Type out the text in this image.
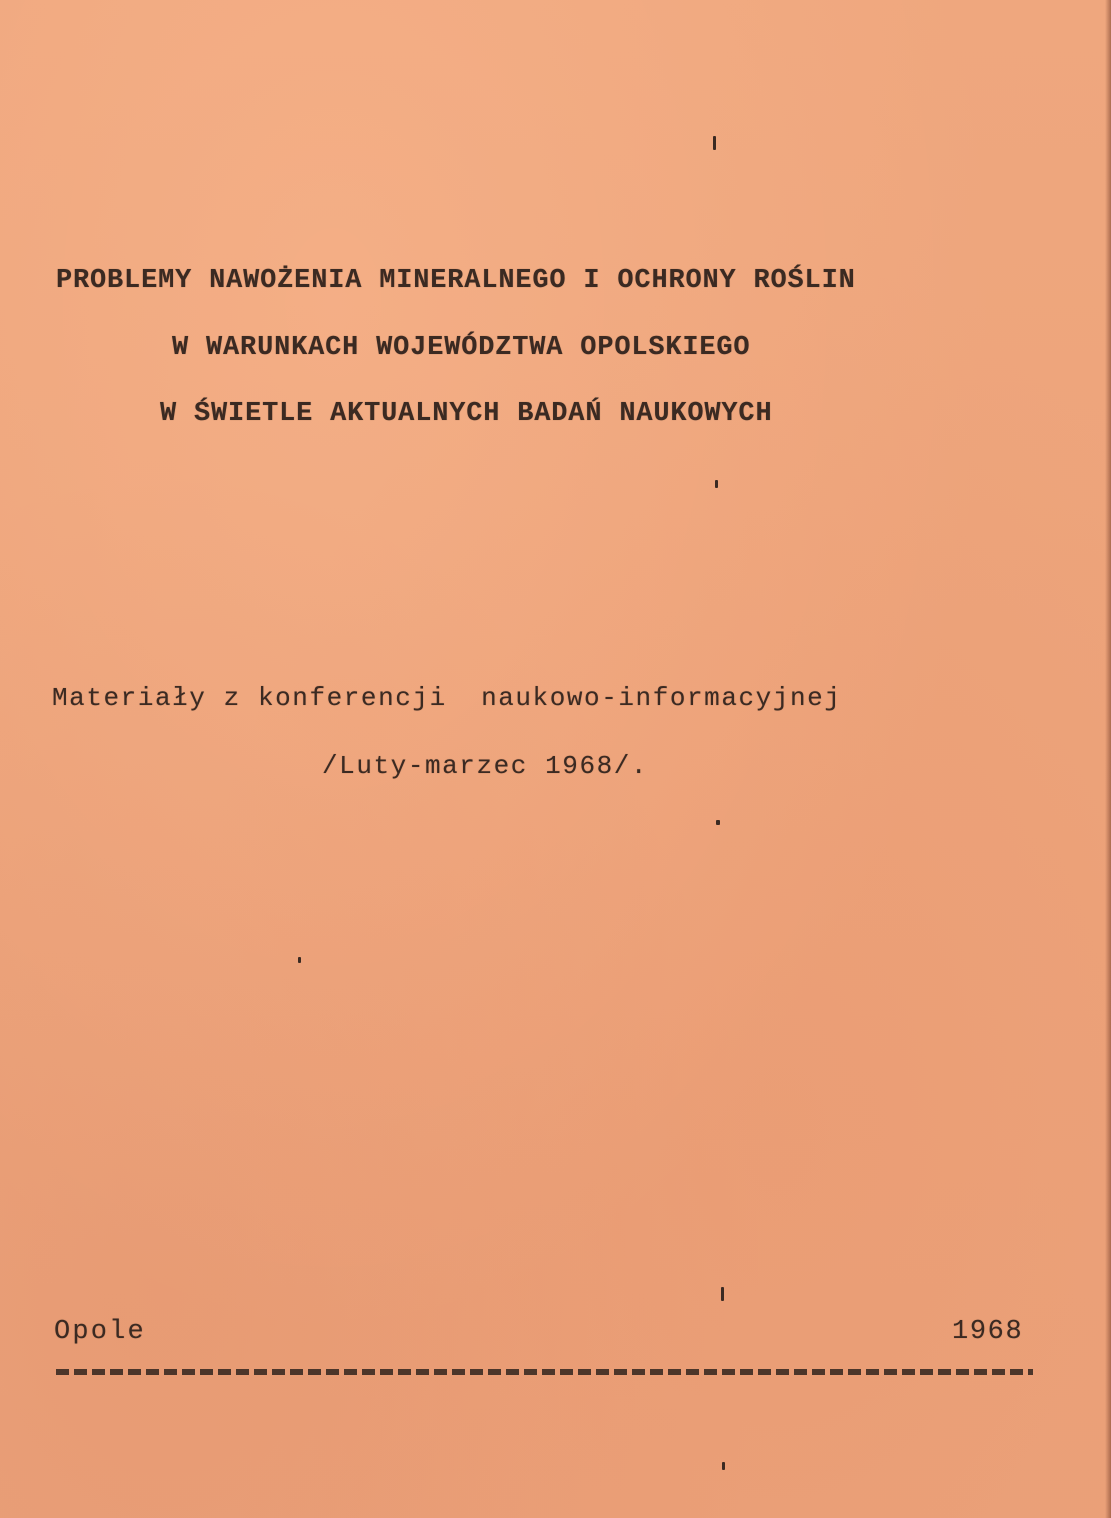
PROBLEMY NAWOŻENIA MINERALNEGO I OCHRONY ROŚLIN
W WARUNKACH WOJEWÓDZTWA OPOLSKIEGO
W ŚWIETLE AKTUALNYCH BADAŃ NAUKOWYCH
Materiały z konferencji  naukowo-informacyjnej
/Luty-marzec 1968/.
Opole	1968
